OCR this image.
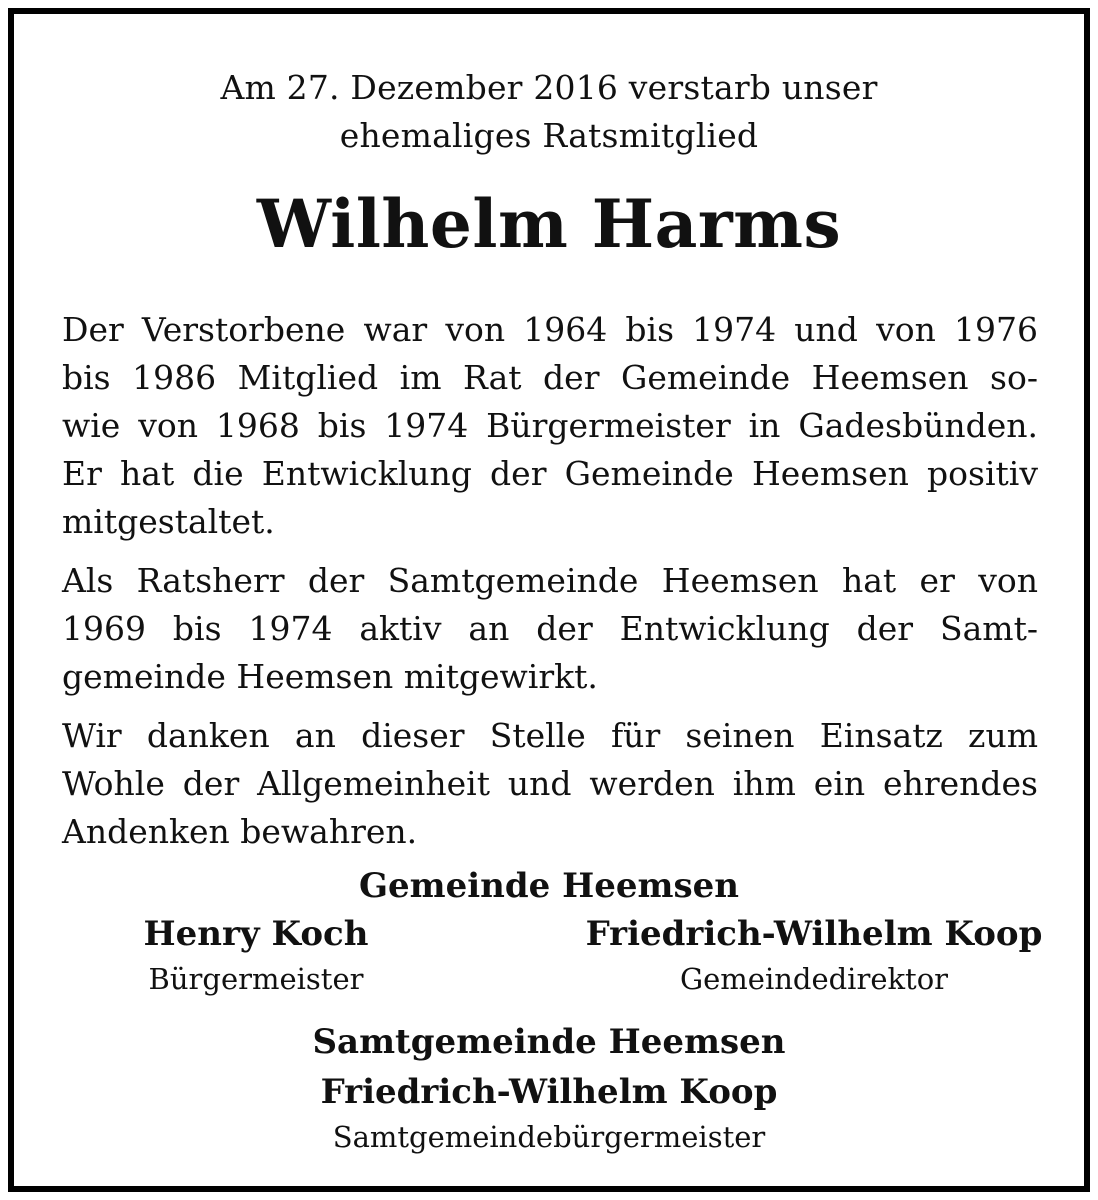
Am 27. Dezember 2016 verstarb unser
ehemaliges Ratsmitglied
Wilhelm Harms

Der Verstorbene war von 1964 bis 1974 und von 1976
bis 1986 Mitglied im Rat der Gemeinde Heemsen so-
wie von 1968 bis 1974 Bürgermeister in Gadesbünden.
Er hat die Entwicklung der Gemeinde Heemsen positiv
mitgestaltet.

Als Ratsherr der Samtgemeinde Heemsen hat er von
1969 bis 1974 aktiv an der Entwicklung der Samt-
gemeinde Heemsen mitgewirkt.

Wir danken an dieser Stelle für seinen Einsatz zum
Wohle der Allgemeinheit und werden ihm ein ehrendes
Andenken bewahren.

Gemeinde Heemsen
Henry Koch
Bürgermeister
Friedrich-Wilhelm Koop
Gemeindedirektor
Samtgemeinde Heemsen
Friedrich-Wilhelm Koop
Samtgemeindebürgermeister
